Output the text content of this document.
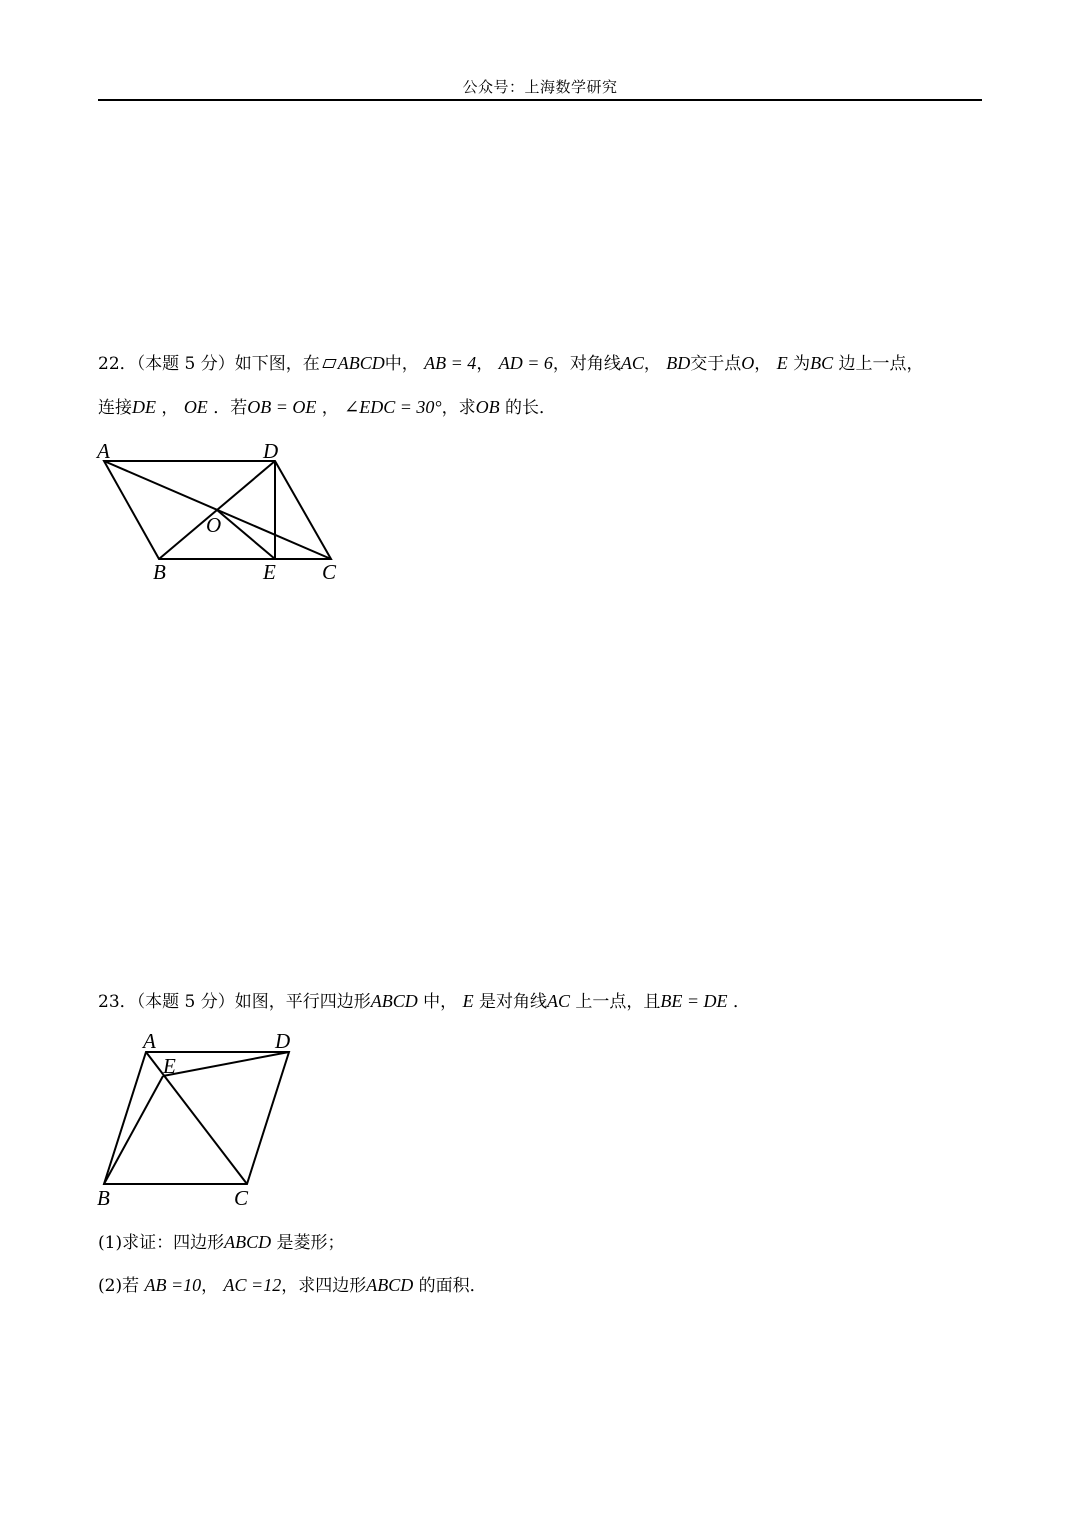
公众号：上海数学研究
22．（本题 5 分）如下图，在 ABCD中， AB = 4， AD = 6，对角线AC， BD交于点O， E 为BC 边上一点，
连接DE ， OE ．若OB = OE ， ∠EDC = 30°，求OB 的长．
A	D
O
B	E C
23．（本题 5 分）如图，平行四边形ABCD 中， E 是对角线AC 上一点，且BE = DE ．
A	D
E
B	C
(1)求证：四边形ABCD 是菱形；
(2)若 AB =10， AC =12，求四边形ABCD 的面积．
